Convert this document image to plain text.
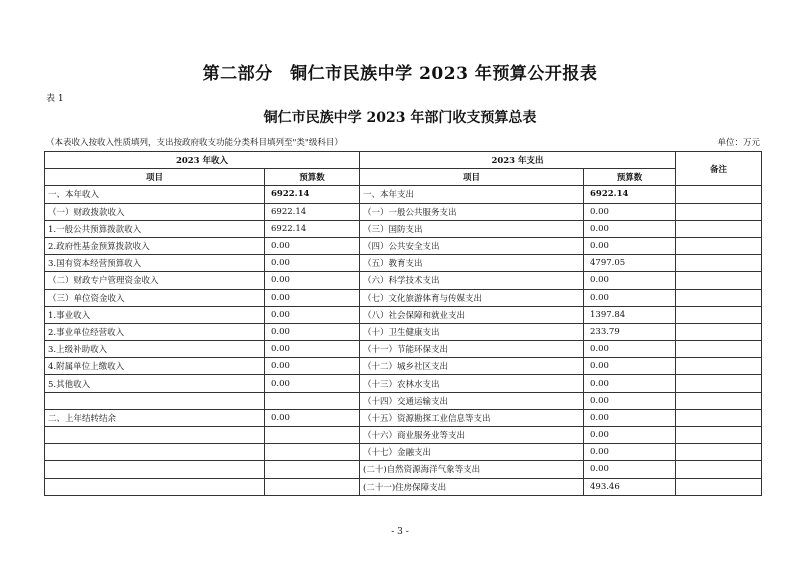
第二部分　铜仁市民族中学 2023 年预算公开报表
表 1
铜仁市民族中学 2023 年部门收支预算总表
（本表收入按收入性质填列，支出按政府收支功能分类科目填列至"类"级科目）	单位：万元
2023 年收入		2023 年支出		备注
项目	预算数	项目	预算数	
一、本年收入	6922.14	一、本年支出	6922.14	
（一）财政拨款收入	6922.14	（一）一般公共服务支出	0.00	
1.一般公共预算拨款收入	6922.14	（三）国防支出	0.00	
2.政府性基金预算拨款收入	0.00	（四）公共安全支出	0.00	
3.国有资本经营预算收入	0.00	（五）教育支出	4797.05	
（二）财政专户管理资金收入	0.00	（六）科学技术支出	0.00	
（三）单位资金收入	0.00	（七）文化旅游体育与传媒支出	0.00	
1.事业收入	0.00	（八）社会保障和就业支出	1397.84	
2.事业单位经营收入	0.00	（十）卫生健康支出	233.79	
3.上级补助收入	0.00	（十一）节能环保支出	0.00	
4.附属单位上缴收入	0.00	（十二）城乡社区支出	0.00	
5.其他收入	0.00	（十三）农林水支出	0.00	
		（十四）交通运输支出	0.00	
二、上年结转结余	0.00	（十五）资源勘探工业信息等支出	0.00	
		（十六）商业服务业等支出	0.00	
		（十七）金融支出	0.00	
		(二十)自然资源海洋气象等支出	0.00	
		(二十一)住房保障支出	493.46	
- 3 -
